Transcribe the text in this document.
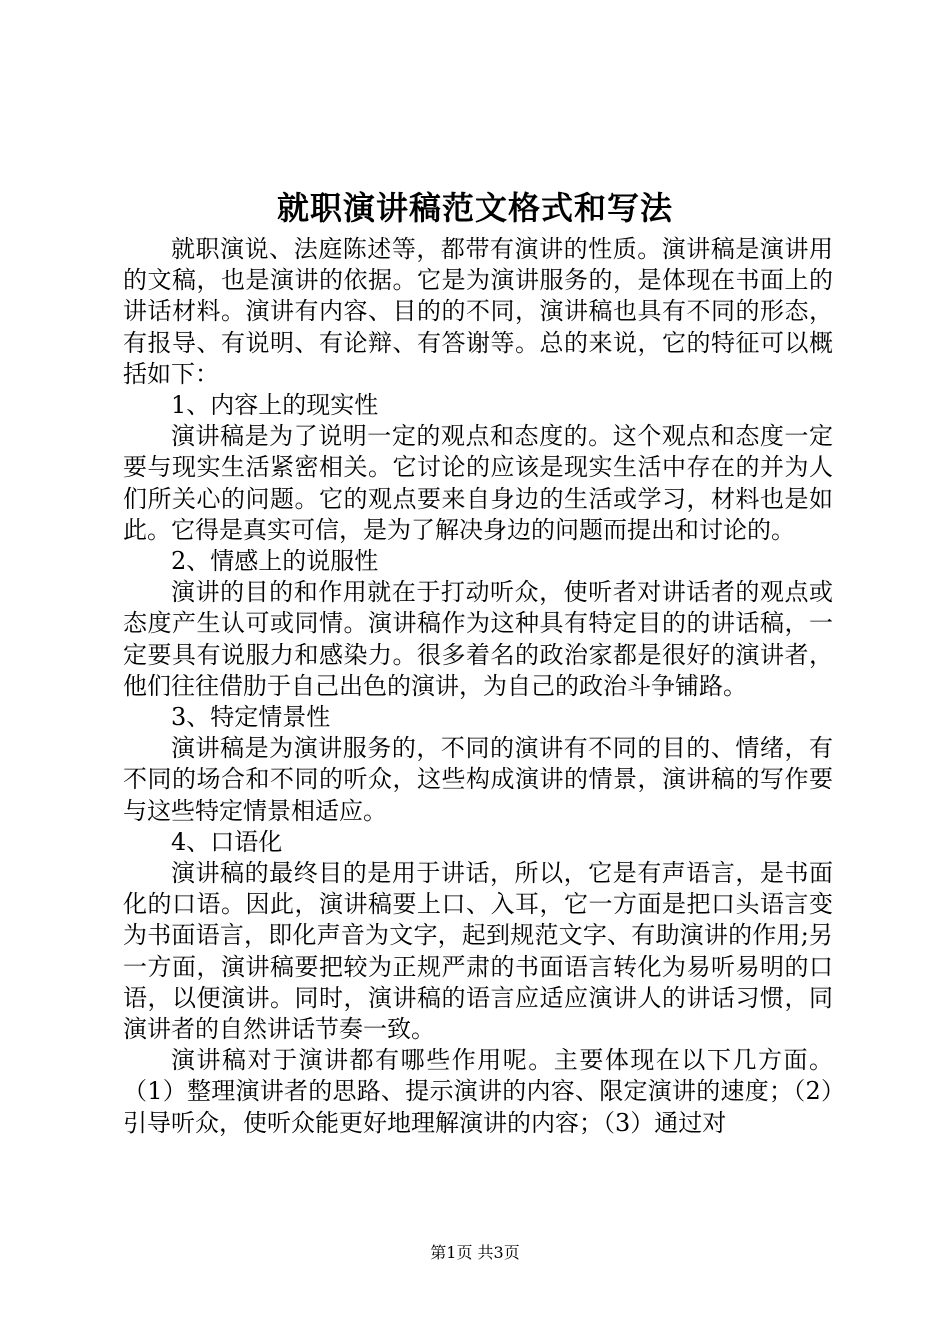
就职演讲稿范文格式和写法

就职演说、法庭陈述等，都带有演讲的性质。演讲稿是演讲用的文稿，也是演讲的依据。它是为演讲服务的，是体现在书面上的讲话材料。演讲有内容、目的的不同，演讲稿也具有不同的形态，有报导、有说明、有论辩、有答谢等。总的来说，它的特征可以概括如下：

1、内容上的现实性

演讲稿是为了说明一定的观点和态度的。这个观点和态度一定要与现实生活紧密相关。它讨论的应该是现实生活中存在的并为人们所关心的问题。它的观点要来自身边的生活或学习，材料也是如此。它得是真实可信，是为了解决身边的问题而提出和讨论的。

2、情感上的说服性

演讲的目的和作用就在于打动听众，使听者对讲话者的观点或态度产生认可或同情。演讲稿作为这种具有特定目的的讲话稿，一定要具有说服力和感染力。很多着名的政治家都是很好的演讲者，他们往往借肋于自己出色的演讲，为自己的政治斗争铺路。

3、特定情景性

演讲稿是为演讲服务的，不同的演讲有不同的目的、情绪，有不同的场合和不同的听众，这些构成演讲的情景，演讲稿的写作要与这些特定情景相适应。

4、口语化

演讲稿的最终目的是用于讲话，所以，它是有声语言，是书面化的口语。因此，演讲稿要上口、入耳，它一方面是把口头语言变为书面语言，即化声音为文字，起到规范文字、有助演讲的作用;另一方面，演讲稿要把较为正规严肃的书面语言转化为易听易明的口语，以便演讲。同时，演讲稿的语言应适应演讲人的讲话习惯，同演讲者的自然讲话节奏一致。

演讲稿对于演讲都有哪些作用呢。主要体现在以下几方面。（1）整理演讲者的思路、提示演讲的内容、限定演讲的速度；（2）引导听众，使听众能更好地理解演讲的内容；（3）通过对

第1页 共3页
